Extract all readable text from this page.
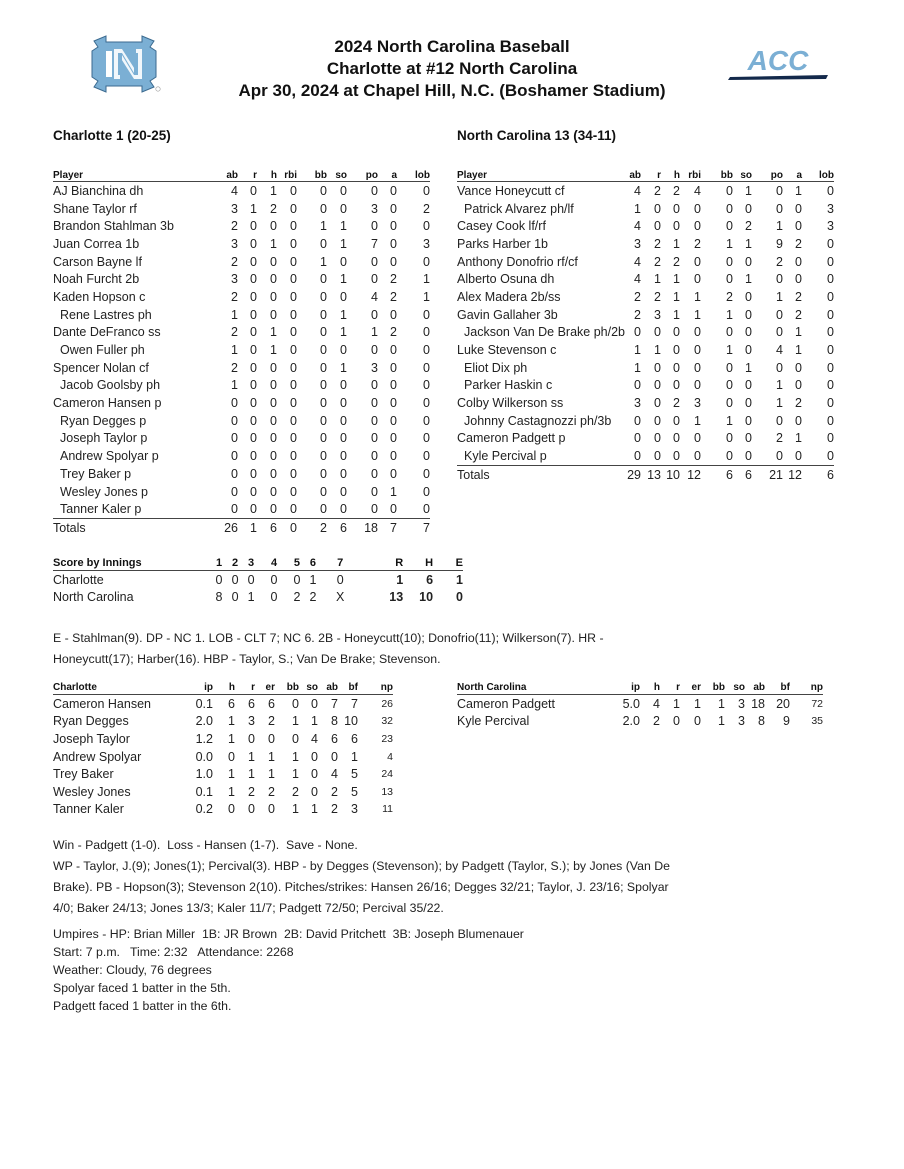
ACC
2024 North Carolina Baseball
Charlotte at #12 North Carolina
Apr 30, 2024 at Chapel Hill, N.C. (Boshamer Stadium)
Charlotte 1 (20-25)	North Carolina 13 (34-11)
Player	ab	r	h	rbi	bb	so	po	a	lob
AJ Bianchina dh	4	0	1	0	0	0	0	0	0
Shane Taylor rf	3	1	2	0	0	0	3	0	2
Brandon Stahlman 3b	2	0	0	0	1	1	0	0	0
Juan Correa 1b	3	0	1	0	0	1	7	0	3
Carson Bayne lf	2	0	0	0	1	0	0	0	0
Noah Furcht 2b	3	0	0	0	0	1	0	2	1
Kaden Hopson c	2	0	0	0	0	0	4	2	1
Rene Lastres ph	1	0	0	0	0	1	0	0	0
Dante DeFranco ss	2	0	1	0	0	1	1	2	0
Owen Fuller ph	1	0	1	0	0	0	0	0	0
Spencer Nolan cf	2	0	0	0	0	1	3	0	0
Jacob Goolsby ph	1	0	0	0	0	0	0	0	0
Cameron Hansen p	0	0	0	0	0	0	0	0	0
Ryan Degges p	0	0	0	0	0	0	0	0	0
Joseph Taylor p	0	0	0	0	0	0	0	0	0
Andrew Spolyar p	0	0	0	0	0	0	0	0	0
Trey Baker p	0	0	0	0	0	0	0	0	0
Wesley Jones p	0	0	0	0	0	0	0	1	0
Tanner Kaler p	0	0	0	0	0	0	0	0	0
Totals	26	1	6	0	2	6	18	7	7
Player	ab	r	h	rbi	bb	so	po	a	lob
Vance Honeycutt cf	4	2	2	4	0	1	0	1	0
Patrick Alvarez ph/lf	1	0	0	0	0	0	0	0	3
Casey Cook lf/rf	4	0	0	0	0	2	1	0	3
Parks Harber 1b	3	2	1	2	1	1	9	2	0
Anthony Donofrio rf/cf	4	2	2	0	0	0	2	0	0
Alberto Osuna dh	4	1	1	0	0	1	0	0	0
Alex Madera 2b/ss	2	2	1	1	2	0	1	2	0
Gavin Gallaher 3b	2	3	1	1	1	0	0	2	0
Jackson Van De Brake ph/2b	0	0	0	0	0	0	0	1	0
Luke Stevenson c	1	1	0	0	1	0	4	1	0
Eliot Dix ph	1	0	0	0	0	1	0	0	0
Parker Haskin c	0	0	0	0	0	0	1	0	0
Colby Wilkerson ss	3	0	2	3	0	0	1	2	0
Johnny Castagnozzi ph/3b	0	0	0	1	1	0	0	0	0
Cameron Padgett p	0	0	0	0	0	0	2	1	0
Kyle Percival p	0	0	0	0	0	0	0	0	0
Totals	29	13	10	12	6	6	21	12	6
Score by Innings	1	2	3	4	5	6	7	R	H	E
Charlotte	0	0	0	0	0	1	0	1	6	1
North Carolina	8	0	1	0	2	2	X	13	10	0
E - Stahlman(9). DP - NC 1. LOB - CLT 7; NC 6. 2B - Honeycutt(10); Donofrio(11); Wilkerson(7). HR -
Honeycutt(17); Harber(16). HBP - Taylor, S.; Van De Brake; Stevenson.
Charlotte	ip	h	r	er	bb	so	ab	bf	np
Cameron Hansen	0.1	6	6	6	0	0	7	7	26
Ryan Degges	2.0	1	3	2	1	1	8	10	32
Joseph Taylor	1.2	1	0	0	0	4	6	6	23
Andrew Spolyar	0.0	0	1	1	1	0	0	1	4
Trey Baker	1.0	1	1	1	1	0	4	5	24
Wesley Jones	0.1	1	2	2	2	0	2	5	13
Tanner Kaler	0.2	0	0	0	1	1	2	3	11
North Carolina	ip	h	r	er	bb	so	ab	bf	np
Cameron Padgett	5.0	4	1	1	1	3	18	20	72
Kyle Percival	2.0	2	0	0	1	3	8	9	35
Win - Padgett (1-0).  Loss - Hansen (1-7).  Save - None.
WP - Taylor, J.(9); Jones(1); Percival(3). HBP - by Degges (Stevenson); by Padgett (Taylor, S.); by Jones (Van De
Brake). PB - Hopson(3); Stevenson 2(10). Pitches/strikes: Hansen 26/16; Degges 32/21; Taylor, J. 23/16; Spolyar
4/0; Baker 24/13; Jones 13/3; Kaler 11/7; Padgett 72/50; Percival 35/22.
Umpires - HP: Brian Miller  1B: JR Brown  2B: David Pritchett  3B: Joseph Blumenauer
Start: 7 p.m.   Time: 2:32   Attendance: 2268
Weather: Cloudy, 76 degrees
Spolyar faced 1 batter in the 5th.
Padgett faced 1 batter in the 6th.
